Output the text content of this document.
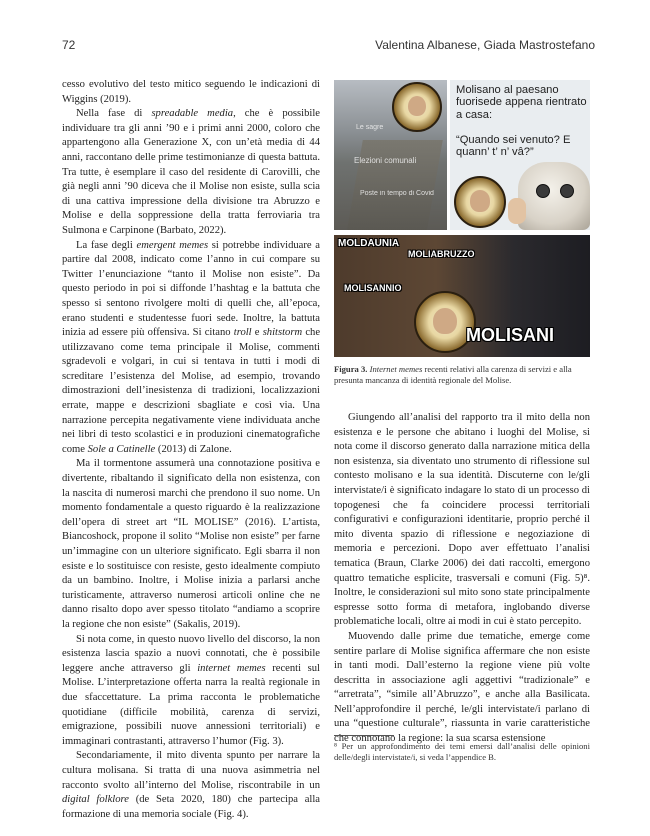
72	Valentina Albanese, Giada Mastrostefano

cesso evolutivo del testo mitico seguendo le indicazioni di Wiggins (2019).

Nella fase di spreadable media, che è possibile individuare tra gli anni ’90 e i primi anni 2000, coloro che appartengono alla Generazione X, con un’età media di 44 anni, raccontano delle prime testimonianze di questa battuta. Tra tutte, è esemplare il caso del residente di Carovilli, che già negli anni ’90 diceva che il Molise non esiste, sulla scia di una cattiva impressione della divisione tra Abruzzo e Molise e della soppressione della tratta ferroviaria tra Sulmona e Carpinone (Barbato, 2022).

La fase degli emergent memes si potrebbe individuare a partire dal 2008, indicato come l’anno in cui compare su Twitter l’enunciazione “tanto il Molise non esiste”. Da questo periodo in poi si diffonde l’hashtag e la battuta che spesso si sentono rivolgere molti di quelli che, all’epoca, erano studenti e studentesse fuori sede. Inoltre, la battuta inizia ad essere più offensiva. Si citano troll e shitstorm che utilizzavano come tema principale il Molise, commenti sgradevoli e volgari, in cui si tentava in tutti i modi di screditare l’esistenza del Molise, ad esempio, trovando dimostrazioni dell’inesistenza di tradizioni, localizzazioni errate, mappe e descrizioni sbagliate e così via. Una narrazione percepita negativamente viene individuata anche nei libri di testo scolastici e in produzioni cinematografiche come Sole a Catinelle (2013) di Zalone.

Ma il tormentone assumerà una connotazione positiva e divertente, ribaltando il significato della non esistenza, con la nascita di numerosi marchi che prendono il suo nome. Un momento fondamentale a questo riguardo è la realizzazione dell’opera di street art “IL MOLISE” (2016). L’artista, Biancoshock, propone il solito “Molise non esiste” per farne un’immagine con un ulteriore significato. Egli sbarra il non esiste e lo sostituisce con resiste, gesto idealmente compiuto da un bambino. Inoltre, i Molise inizia a parlarsi anche turisticamente, attraverso numerosi articoli online che ne danno risalto dopo aver spesso titolato “andiamo a scoprire la regione che non esiste” (Sakalis, 2019).

Si nota come, in questo nuovo livello del discorso, la non esistenza lascia spazio a nuovi connotati, che è possibile leggere anche attraverso gli internet memes recenti sul Molise. L’interpretazione offerta narra la realtà regionale in due sfaccettature. La prima racconta le problematiche quotidiane (difficile mobilità, carenza di servizi, emigrazione, possibili nuove annessioni territoriali) e immaginari contrastanti, attraverso l’humor (Fig. 3).

Secondariamente, il mito diventa spunto per narrare la cultura molisana. Si tratta di una nuova asimmetria nel racconto svolto all’interno del Molise, riscontrabile in un digital folklore (de Seta 2020, 180) che partecipa alla formazione di una memoria sociale (Fig. 4).

Le sagre
Elezioni comunali
Poste in tempo di Covid
Molisano al paesano fuorisede appena rientrato a casa:
“Quando sei venuto? E quann’ t’ n’ vâ?”
MOLDAUNIA
MOLIABRUZZO
MOLISANNIO
MOLISANI
Figura 3. Internet memes recenti relativi alla carenza di servizi e alla presunta mancanza di identità regionale del Molise.

Giungendo all’analisi del rapporto tra il mito della non esistenza e le persone che abitano i luoghi del Molise, si nota come il discorso generato dalla narrazione mitica della non esistenza, sia diventato uno strumento di riflessione sul contesto molisano e la sua identità. Discuterne con le/gli intervistate/i è significato indagare lo stato di un processo di topogenesi che fa coincidere processi territoriali configurativi e configurazioni identitarie, proprio perché il mito diventa spazio di riflessione e negoziazione di memoria e percezioni. Dopo aver effettuato l’analisi tematica (Braun, Clarke 2006) dei dati raccolti, emergono quattro tematiche esplicite, trasversali e comuni (Fig. 5)⁸. Inoltre, le considerazioni sul mito sono state principalmente espresse sotto forma di metafora, inglobando diverse problematiche locali, oltre ai modi in cui è stato percepito.

Muovendo dalle prime due tematiche, emerge come sentire parlare di Molise significa affermare che non esiste in tanti modi. Dall’esterno la regione viene più volte descritta in associazione agli aggettivi “tradizionale” e “arretrata”, “simile all’Abruzzo”, e anche alla Basilicata. Nell’approfondire il perché, le/gli intervistate/i parlano di una “questione culturale”, riassunta in varie caratteristiche che connotano la regione: la sua scarsa estensione

⁸ Per un approfondimento dei temi emersi dall’analisi delle opinioni delle/degli intervistate/i, si veda l’appendice B.
